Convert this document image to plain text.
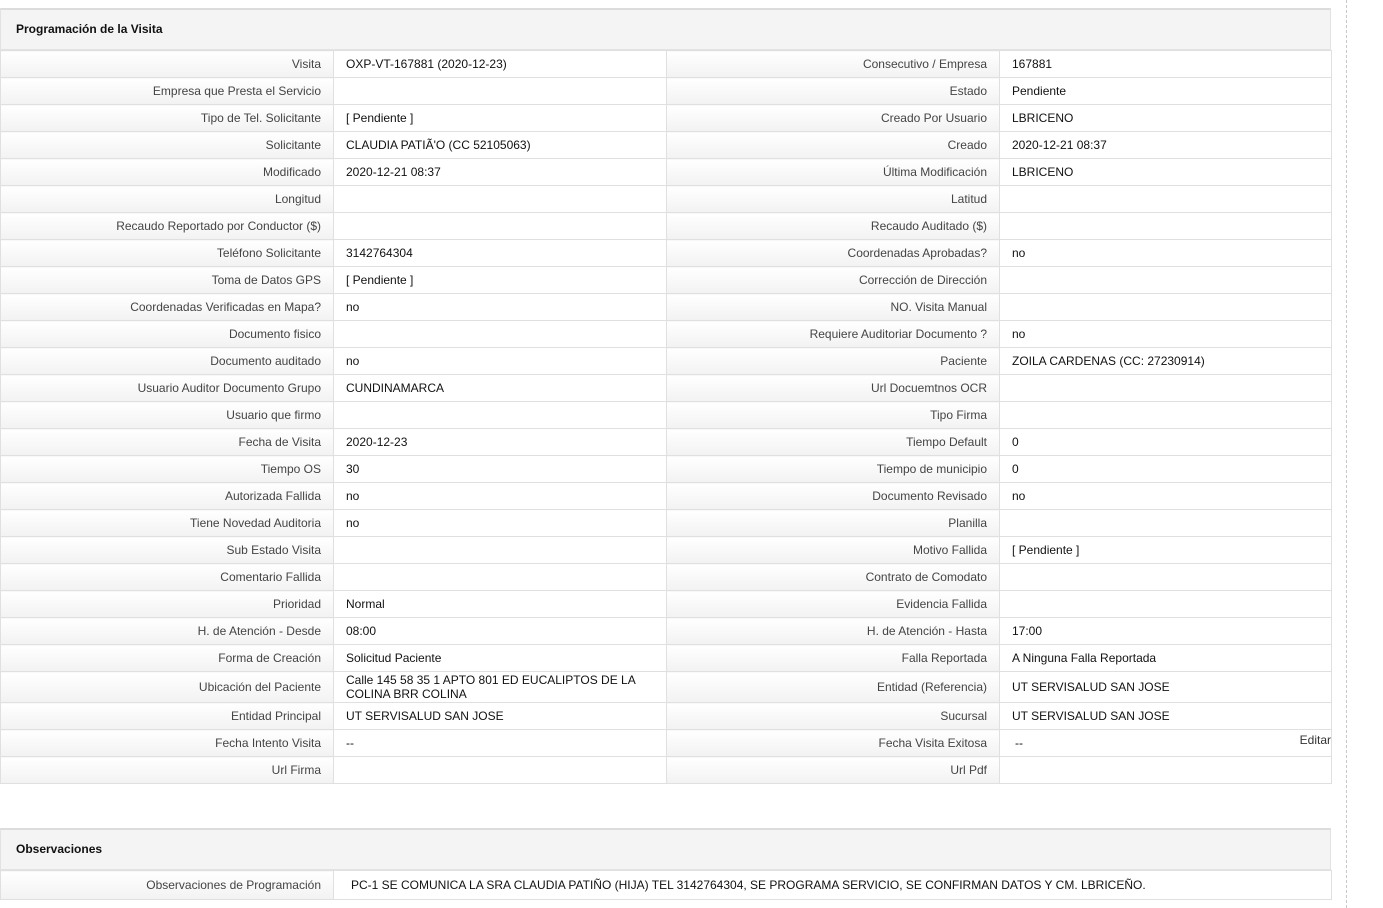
Programación de la Visita
Visita	OXP-VT-167881 (2020-12-23)	Consecutivo / Empresa	167881
Empresa que Presta el Servicio		Estado	Pendiente
Tipo de Tel. Solicitante	[ Pendiente ]	Creado Por Usuario	LBRICENO
Solicitante	CLAUDIA PATIÃ'O (CC 52105063)	Creado	2020-12-21 08:37
Modificado	2020-12-21 08:37	Última Modificación	LBRICENO
Longitud		Latitud	
Recaudo Reportado por Conductor ($)		Recaudo Auditado ($)	
Teléfono Solicitante	3142764304	Coordenadas Aprobadas?	no
Toma de Datos GPS	[ Pendiente ]	Corrección de Dirección	
Coordenadas Verificadas en Mapa?	no	NO. Visita Manual	
Documento fisico		Requiere Auditoriar Documento ?	no
Documento auditado	no	Paciente	ZOILA CARDENAS (CC: 27230914)
Usuario Auditor Documento Grupo	CUNDINAMARCA	Url Docuemtnos OCR	
Usuario que firmo		Tipo Firma	
Fecha de Visita	2020-12-23	Tiempo Default	0
Tiempo OS	30	Tiempo de municipio	0
Autorizada Fallida	no	Documento Revisado	no
Tiene Novedad Auditoria	no	Planilla	
Sub Estado Visita		Motivo Fallida	[ Pendiente ]
Comentario Fallida		Contrato de Comodato	
Prioridad	Normal	Evidencia Fallida	
H. de Atención - Desde	08:00	H. de Atención - Hasta	17:00
Forma de Creación	Solicitud Paciente	Falla Reportada	A Ninguna Falla Reportada
Ubicación del Paciente	Calle 145 58 35 1 APTO 801 ED EUCALIPTOS DE LA COLINA BRR COLINA	Entidad (Referencia)	UT SERVISALUD SAN JOSE
Entidad Principal	UT SERVISALUD SAN JOSE	Sucursal	UT SERVISALUD SAN JOSE
Fecha Intento Visita	--	Fecha Visita Exitosa	-- Editar

Url Firma		Url Pdf	
Observaciones
Observaciones de Programación	PC-1 SE COMUNICA LA SRA CLAUDIA PATIÑO (HIJA) TEL 3142764304, SE PROGRAMA SERVICIO, SE CONFIRMAN DATOS Y CM. LBRICEÑO.
